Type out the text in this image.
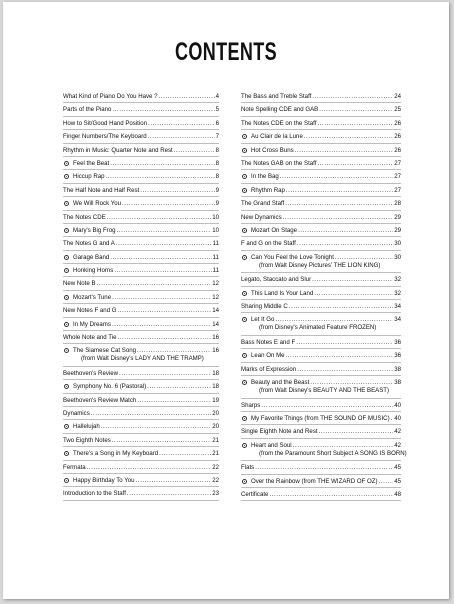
CONTENTS
What Kind of Piano Do You Have ? .....	4
Parts of the Piano .....	5
How to Sit/Good Hand Position .....	6
Finger Numbers/The Keyboard .....	7
Rhythm in Music: Quarter Note and Rest .....	8
Feel the Beat .....	8
Hiccup Rap .....	8
The Half Note and Half Rest .....	9
We Will Rock You .....	9
The Notes CDE .....	10
Mary's Big Frog .....	10
The Notes G and A .....	11
Garage Band .....	11
Honking Horns .....	11
New Note B .....	12
Mozart's Tune .....	12
New Notes F and G .....	14
In My Dreams .....	14
Whole Note and Tie .....	16
The Siamese Cat Song .....	16
(from Walt Disney's LADY AND THE TRAMP)
Beethoven's Review .....	18
Symphony No. 6 (Pastoral) .....	18
Beethoven's Review Match .....	19
Dynamics .....	20
Hallelujah .....	20
Two Eighth Notes .....	21
There's a Song in My Keyboard .....	21
Fermata .....	22
Happy Birthday To You .....	22
Introduction to the Staff .....	23
The Bass and Treble Staff .....	24
Note Spelling CDE and GAB .....	25
The Notes CDE on the Staff .....	26
Au Clair de la Lune .....	26
Hot Cross Buns .....	26
The Notes GAB on the Staff .....	27
In the Bag .....	27
Rhythm Rap .....	27
The Grand Staff .....	28
New Dynamics .....	29
Mozart On Stage .....	29
F and G on the Staff .....	30
Can You Feel the Love Tonight .....	30
(from Walt Disney Pictures' THE LION KING)
Legato, Staccato and Slur .....	32
This Land Is Your Land .....	32
Sharing Middle C .....	34
Let It Go .....	34
(from Disney's Animated Feature FROZEN)
Bass Notes E and F .....	36
Lean On Me .....	36
Marks of Expression .....	38
Beauty and the Beast .....	38
(from Walt Disney's BEAUTY AND THE BEAST)
Sharps .....	40
My Favorite Things (from THE SOUND OF MUSIC) ..... 40
Single Eighth Note and Rest .....	42
Heart and Soul .....	42
(from the Paramount Short Subject A SONG IS BORN)
Flats .....	45
Over the Rainbow (from THE WIZARD OF OZ) .....	45
Certificate .....	48
